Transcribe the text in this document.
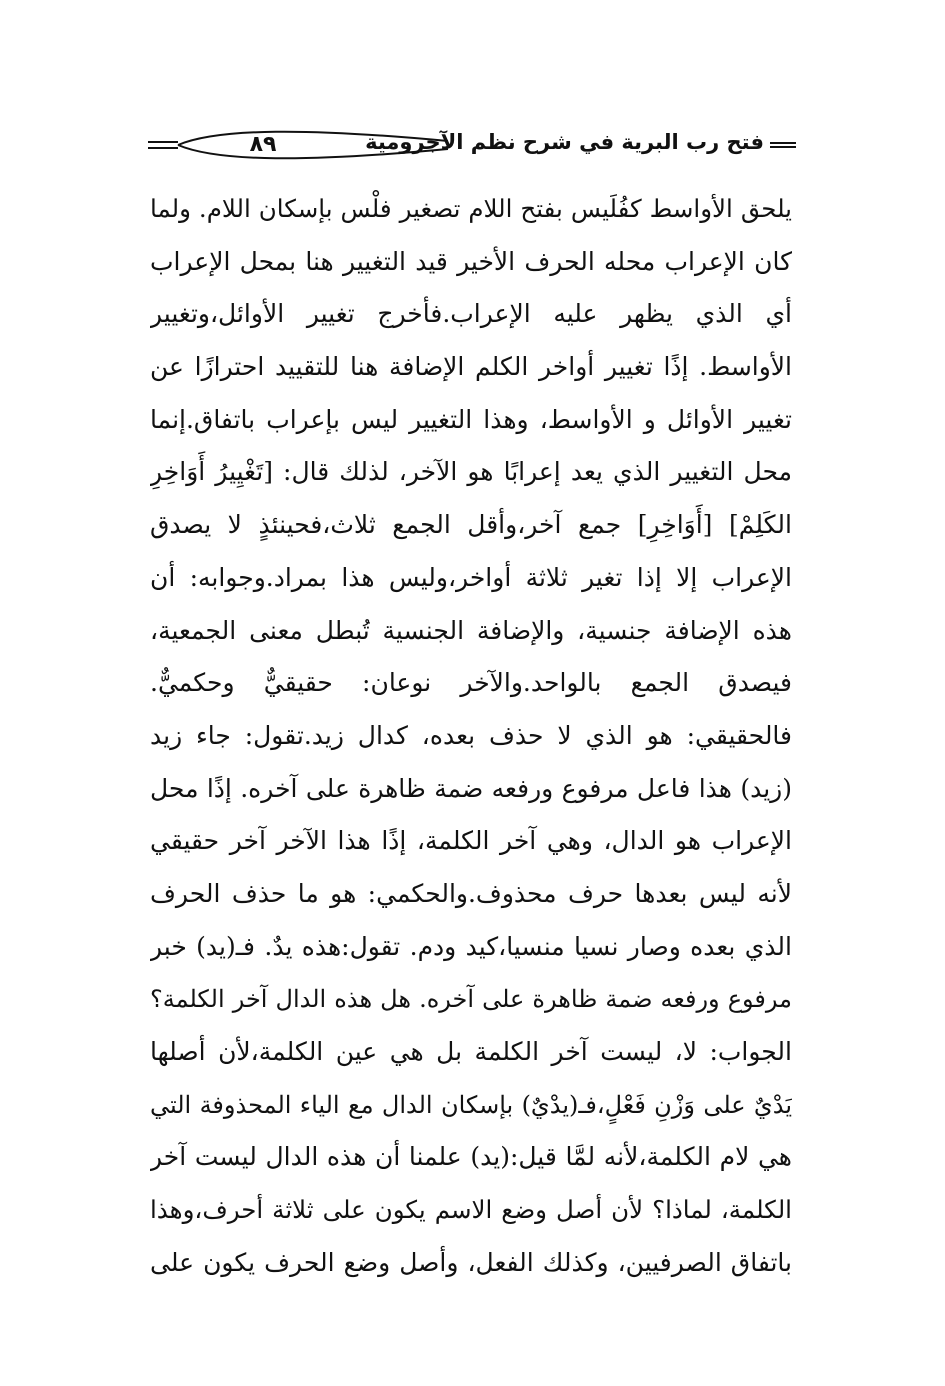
فتح رب البرية في شرح نظم الآجرومية
٨٩
يلحق الأواسط كفُلَيس بفتح اللام تصغير فلْس بإسكان اللام. ولما
كان الإعراب محله الحرف الأخير قيد التغيير هنا بمحل الإعراب
أي الذي يظهر عليه الإعراب.فأخرج تغيير الأوائل،وتغيير
الأواسط. إذًا تغيير أواخر الكلم الإضافة هنا للتقييد احترازًا عن
تغيير الأوائل و الأواسط، وهذا التغيير ليس بإعراب باتفاق.إنما
محل التغيير الذي يعد إعرابًا هو الآخر، لذلك قال: [تَغْيِيرُ أَوَاخِرِ
الكَلِمْ] [أَوَاخِرِ] جمع آخر،وأقل الجمع ثلاث،فحينئذٍ لا يصدق
الإعراب إلا إذا تغير ثلاثة أواخر،وليس هذا بمراد.وجوابه: أن
هذه الإضافة جنسية، والإضافة الجنسية تُبطل معنى الجمعية،
فيصدق الجمع بالواحد.والآخر نوعان: حقيقيٌّ وحكميٌّ.
فالحقيقي: هو الذي لا حذف بعده، كدال زيد.تقول: جاء زيد
(زيد) هذا فاعل مرفوع ورفعه ضمة ظاهرة على آخره. إذًا محل
الإعراب هو الدال، وهي آخر الكلمة، إذًا هذا الآخر آخر حقيقي
لأنه ليس بعدها حرف محذوف.والحكمي: هو ما حذف الحرف
الذي بعده وصار نسيا منسيا،كيد ودم. تقول:هذه يدٌ. فـ(يد) خبر
مرفوع ورفعه ضمة ظاهرة على آخره. هل هذه الدال آخر الكلمة؟
الجواب: لا، ليست آخر الكلمة بل هي عين الكلمة،لأن أصلها
يَدْيٌ على وَزْنِ فَعْلٍ،فـ(يدْيٌ) بإسكان الدال مع الياء المحذوفة التي
هي لام الكلمة،لأنه لمَّا قيل:(يد) علمنا أن هذه الدال ليست آخر
الكلمة، لماذا؟ لأن أصل وضع الاسم يكون على ثلاثة أحرف،وهذا
باتفاق الصرفيين، وكذلك الفعل، وأصل وضع الحرف يكون على
